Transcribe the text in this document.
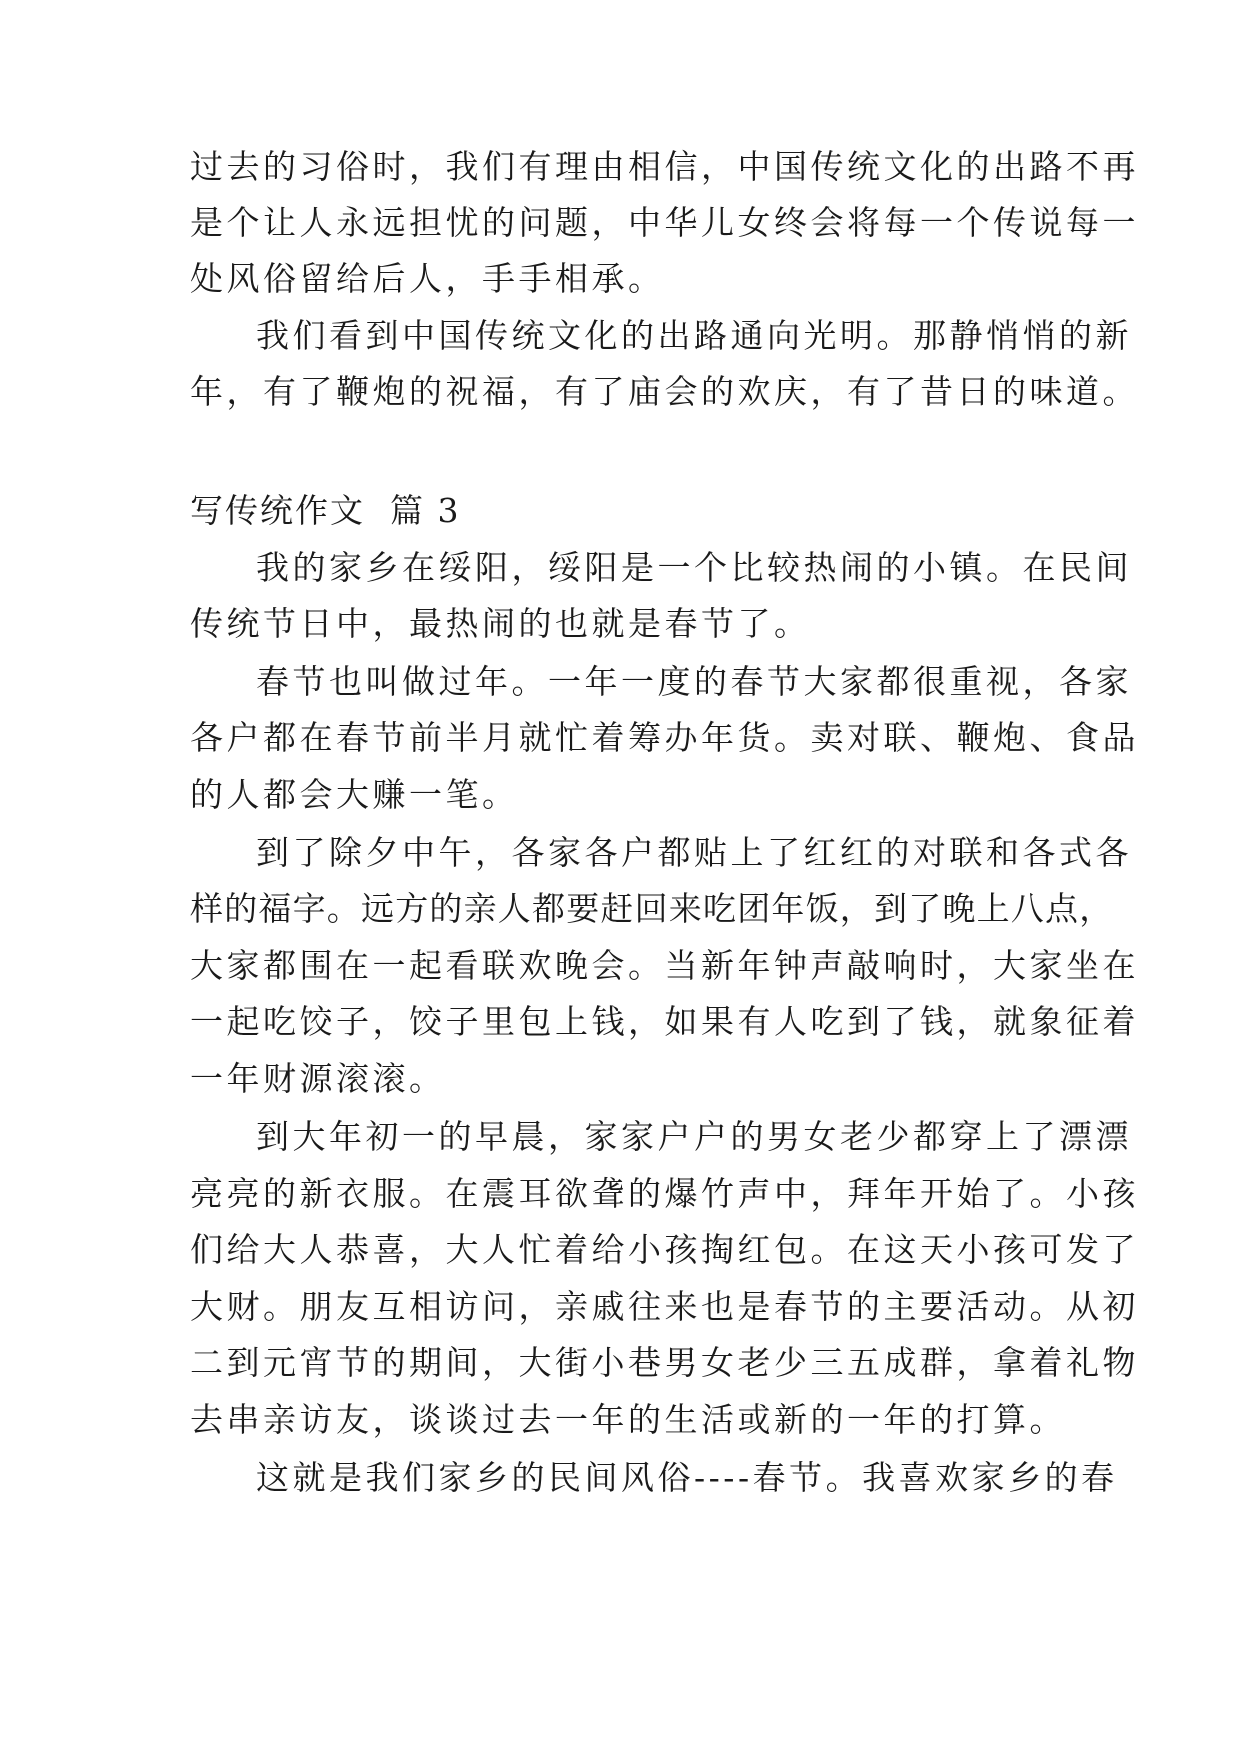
过去的习俗时，我们有理由相信，中国传统文化的出路不再
是个让人永远担忧的问题，中华儿女终会将每一个传说每一
处风俗留给后人，手手相承。
我们看到中国传统文化的出路通向光明。那静悄悄的新
年，有了鞭炮的祝福，有了庙会的欢庆，有了昔日的味道。
写传统作文  篇 3
我的家乡在绥阳，绥阳是一个比较热闹的小镇。在民间
传统节日中，最热闹的也就是春节了。
春节也叫做过年。一年一度的春节大家都很重视，各家
各户都在春节前半月就忙着筹办年货。卖对联、鞭炮、食品
的人都会大赚一笔。
到了除夕中午，各家各户都贴上了红红的对联和各式各
样的福字。远方的亲人都要赶回来吃团年饭，到了晚上八点，
大家都围在一起看联欢晚会。当新年钟声敲响时，大家坐在
一起吃饺子，饺子里包上钱，如果有人吃到了钱，就象征着
一年财源滚滚。
到大年初一的早晨，家家户户的男女老少都穿上了漂漂
亮亮的新衣服。在震耳欲聋的爆竹声中，拜年开始了。小孩
们给大人恭喜，大人忙着给小孩掏红包。在这天小孩可发了
大财。朋友互相访问，亲戚往来也是春节的主要活动。从初
二到元宵节的期间，大街小巷男女老少三五成群，拿着礼物
去串亲访友，谈谈过去一年的生活或新的一年的打算。
这就是我们家乡的民间风俗----春节。我喜欢家乡的春
